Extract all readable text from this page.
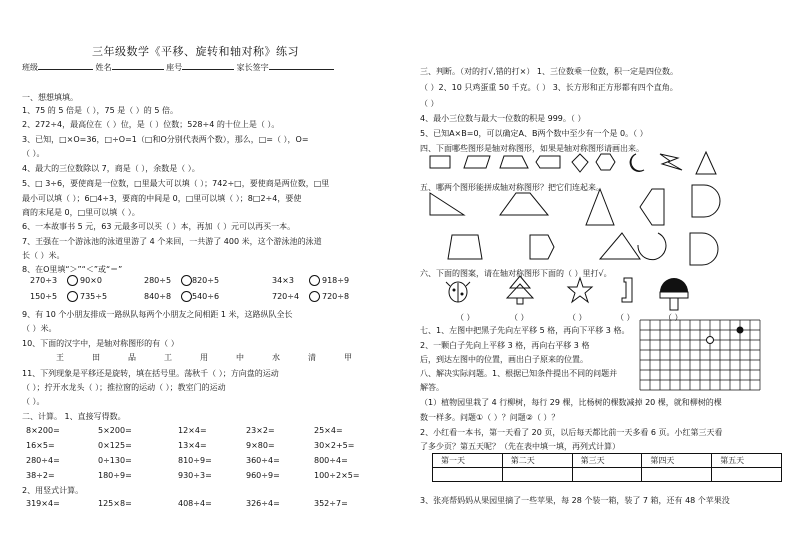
三年级数学《平移、旋转和轴对称》练习
班级	姓名	座号	家长签字
一、想想填填。
1、75 的 5 倍是（ ），75 是（ ）的 5 倍。
2、272÷4，最高位在（ ）位，是（ ）位数；528÷4 的十位上是（ ）。
3、已知，□×O=36，□÷O=1（□和O分别代表两个数），那么，□=（ ），O=
（ ）。
4、最大的三位数除以 7，商是（ ），余数是（ ）。
5、□ 3÷6，要使商是一位数，□里最大可以填（ ）；742÷□，要使商是两位数，□里
最小可以填（ ）；6□4÷3，要商的中间是 0，□里可以填（ ）；8□2÷4，要使
商的末尾是 0，□里可以填（ ）。
6、一本故事书 5 元，63 元最多可以买（ ）本，再加（ ）元可以再买一本。
7、王强在一个游泳池的泳道里游了 4 个来回，一共游了 400 米，这个游泳池的泳道
长（ ）米。
8、在O里填“＞”“＜”或“＝”
9、有 10 个小朋友排成一路纵队每两个小朋友之间相距 1 米，这路纵队全长
（ ）米。
10、下面的汉字中，是轴对称图形的有（ ）
11、下列现象是平移还是旋转，填在括号里。荡秋千（ ）；方向盘的运动
（ ）；拧开水龙头（ ）；推拉窗的运动（ ）；教室门的运动
（ ）。
二、计算。 1、直接写得数。
2、用竖式计算。
270÷3	90×0	280÷5	820÷5	34×3	918÷9
150÷5	735÷5	840÷8	540÷6	720÷4	720÷8
王	田	品	工	用	中	水	清	甲
8×200=	5×200=	12×4=	23×2=	25×4=
16×5=	0×125=	13×4=	9×80=	30×2+5=
280÷4=	0÷130=	810÷9=	360÷4=	800÷4=
38÷2=	180÷9=	930÷3=	960÷9=	100÷2×5=
319×4=	125×8=	408÷4=	326÷4=	352÷7=
三、判断。（对的打√,错的打×） 1、三位数乘一位数，积一定是四位数。
（ ）2、10 只鸡蛋重 50 千克。（ ） 3、长方形和正方形都有四个直角。
（ ）
4、最小三位数与最大一位数的积是 999。（ ）
5、已知A×B=0，可以确定A、B两个数中至少有一个是 0。（ ）
四、下面哪些图形是轴对称图形，如果是轴对称图形请画出来。
五、哪两个图形能拼成轴对称图形？把它们连起来。
六、下面的图案，请在轴对称图形下面的（ ）里打√。
七、1、左图中把黑子先向左平移 5 格，再向下平移 3 格。
2、一颗白子先向上平移 3 格，再向右平移 3 格
后，到达左图中的位置，画出白子原来的位置。
八、解决实际问题。1、根据已知条件提出不同的问题并
解答。
（1）植物园里栽了 4 行柳树，每行 29 棵，比杨树的棵数减掉 20 棵，就和柳树的棵
数一样多。问题①（ ）？问题②（ ）？
2、小红看一本书，第一天看了 20 页，以后每天都比前一天多看 6 页。小红第三天看
了多少页？第五天呢？（先在表中填一填，再列式计算）
3、张亮帮妈妈从果园里摘了一些苹果，每 28 个装一箱，装了 7 箱，还有 48 个苹果没
（ ）	（ ）	（ ）	（ ）	（ ）
第一天	第二天	第三天	第四天	第五天
